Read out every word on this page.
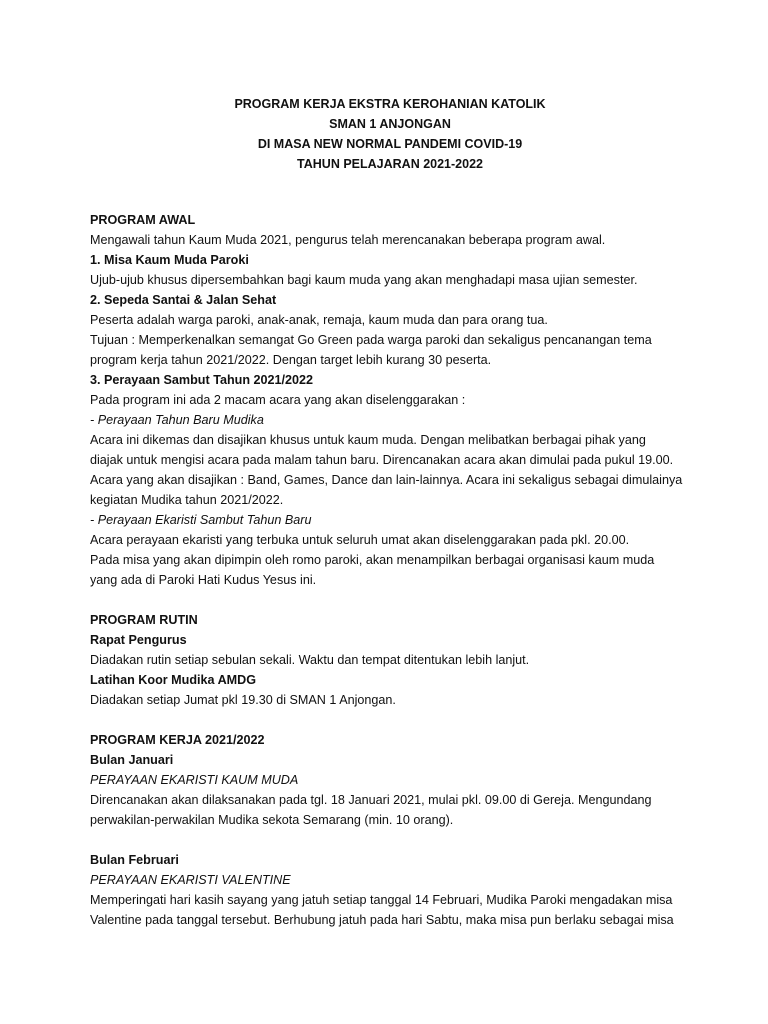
PROGRAM KERJA EKSTRA KEROHANIAN KATOLIK
SMAN 1 ANJONGAN
DI MASA NEW NORMAL PANDEMI COVID-19
TAHUN PELAJARAN 2021-2022
PROGRAM AWAL
Mengawali tahun Kaum Muda 2021, pengurus telah merencanakan beberapa program awal.
1. Misa Kaum Muda Paroki
Ujub-ujub khusus dipersembahkan bagi kaum muda yang akan menghadapi masa ujian semester.
2. Sepeda Santai & Jalan Sehat
Peserta adalah warga paroki, anak-anak, remaja, kaum muda dan para orang tua.
Tujuan : Memperkenalkan semangat Go Green pada warga paroki dan sekaligus pencanangan tema
program kerja tahun 2021/2022. Dengan target lebih kurang 30 peserta.
3. Perayaan Sambut Tahun 2021/2022
Pada program ini ada 2 macam acara yang akan diselenggarakan :
- Perayaan Tahun Baru Mudika
Acara ini dikemas dan disajikan khusus untuk kaum muda. Dengan melibatkan berbagai pihak yang
diajak untuk mengisi acara pada malam tahun baru. Direncanakan acara akan dimulai pada pukul 19.00.
Acara yang akan disajikan : Band, Games, Dance dan lain-lainnya. Acara ini sekaligus sebagai dimulainya
kegiatan Mudika tahun 2021/2022.
- Perayaan Ekaristi Sambut Tahun Baru
Acara perayaan ekaristi yang terbuka untuk seluruh umat akan diselenggarakan pada pkl. 20.00.
Pada misa yang akan dipimpin oleh romo paroki, akan menampilkan berbagai organisasi kaum muda
yang ada di Paroki Hati Kudus Yesus ini.
PROGRAM RUTIN
Rapat Pengurus
Diadakan rutin setiap sebulan sekali. Waktu dan tempat ditentukan lebih lanjut.
Latihan Koor Mudika AMDG
Diadakan setiap Jumat pkl 19.30 di SMAN 1 Anjongan.
PROGRAM KERJA 2021/2022
Bulan Januari
PERAYAAN EKARISTI KAUM MUDA
Direncanakan akan dilaksanakan pada tgl. 18 Januari 2021, mulai pkl. 09.00 di Gereja. Mengundang
perwakilan-perwakilan Mudika sekota Semarang (min. 10 orang).
Bulan Februari
PERAYAAN EKARISTI VALENTINE
Memperingati hari kasih sayang yang jatuh setiap tanggal 14 Februari, Mudika Paroki mengadakan misa
Valentine pada tanggal tersebut. Berhubung jatuh pada hari Sabtu, maka misa pun berlaku sebagai misa
